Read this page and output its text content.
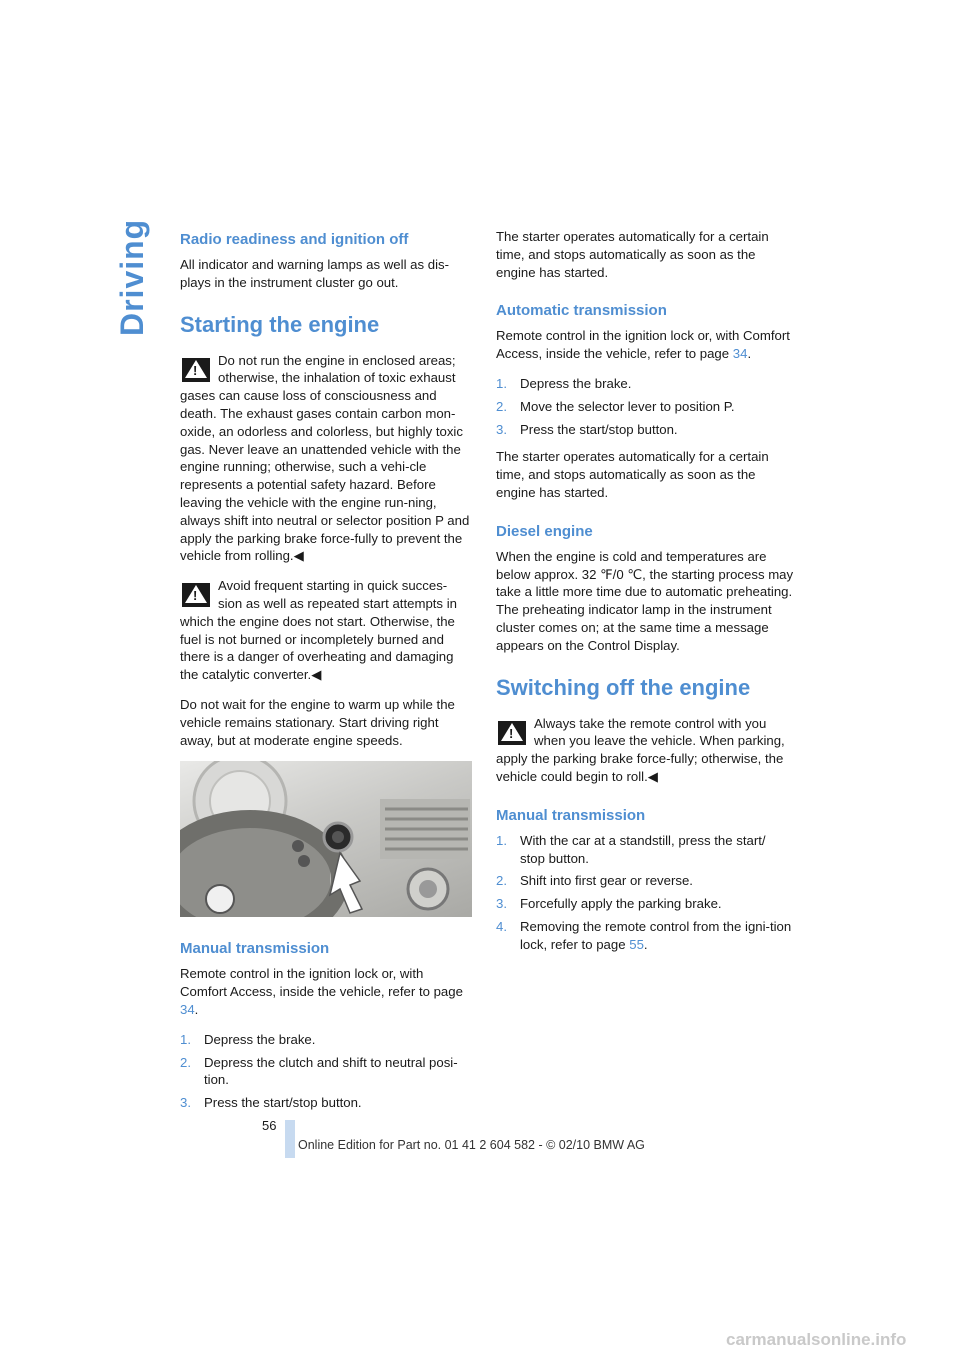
Driving Radio readiness and ignition off

All indicator and warning lamps as well as dis-plays in the instrument cluster go out.

Starting the engine
!
Do not run the engine in enclosed areas; otherwise, the inhalation of toxic exhaust gases can cause loss of consciousness and death. The exhaust gases contain carbon mon-oxide, an odorless and colorless, but highly toxic gas. Never leave an unattended vehicle with the engine running; otherwise, such a vehi-cle represents a potential safety hazard. Before leaving the vehicle with the engine run-ning, always shift into neutral or selector position P and apply the parking brake force-fully to prevent the vehicle from rolling.◀
!
Avoid frequent starting in quick succes- sion as well as repeated start attempts in which the engine does not start. Otherwise, the fuel is not burned or incompletely burned and there is a danger of overheating and damaging the catalytic converter.◀

Do not wait for the engine to warm up while the vehicle remains stationary. Start driving right away, but at moderate engine speeds.

Manual transmission

Remote control in the ignition lock or, with Comfort Access, inside the vehicle, refer to page 34.

1. Depress the brake.
2. Depress the clutch and shift to neutral posi-tion.
3. Press the start/stop button.

The starter operates automatically for a certain time, and stops automatically as soon as the engine has started.

Automatic transmission

Remote control in the ignition lock or, with Comfort Access, inside the vehicle, refer to page 34.

1. Depress the brake.
2. Move the selector lever to position P.
3. Press the start/stop button.

The starter operates automatically for a certain time, and stops automatically as soon as the engine has started.

Diesel engine

When the engine is cold and temperatures are below approx. 32 ℉/0 ℃, the starting process may take a little more time due to automatic preheating. The preheating indicator lamp in the instrument cluster comes on; at the same time a message appears on the Control Display.

Switching off the engine
!
Always take the remote control with you when you leave the vehicle. When parking, apply the parking brake force-fully; otherwise, the vehicle could begin to roll.◀
Manual transmission
1. With the car at a standstill, press the start/ stop button.
2. Shift into first gear or reverse.
3. Forcefully apply the parking brake.
4. Removing the remote control from the igni-tion lock, refer to page 55.
56
Online Edition for Part no. 01 41 2 604 582 - © 02/10 BMW AG
carmanualsonline.info
